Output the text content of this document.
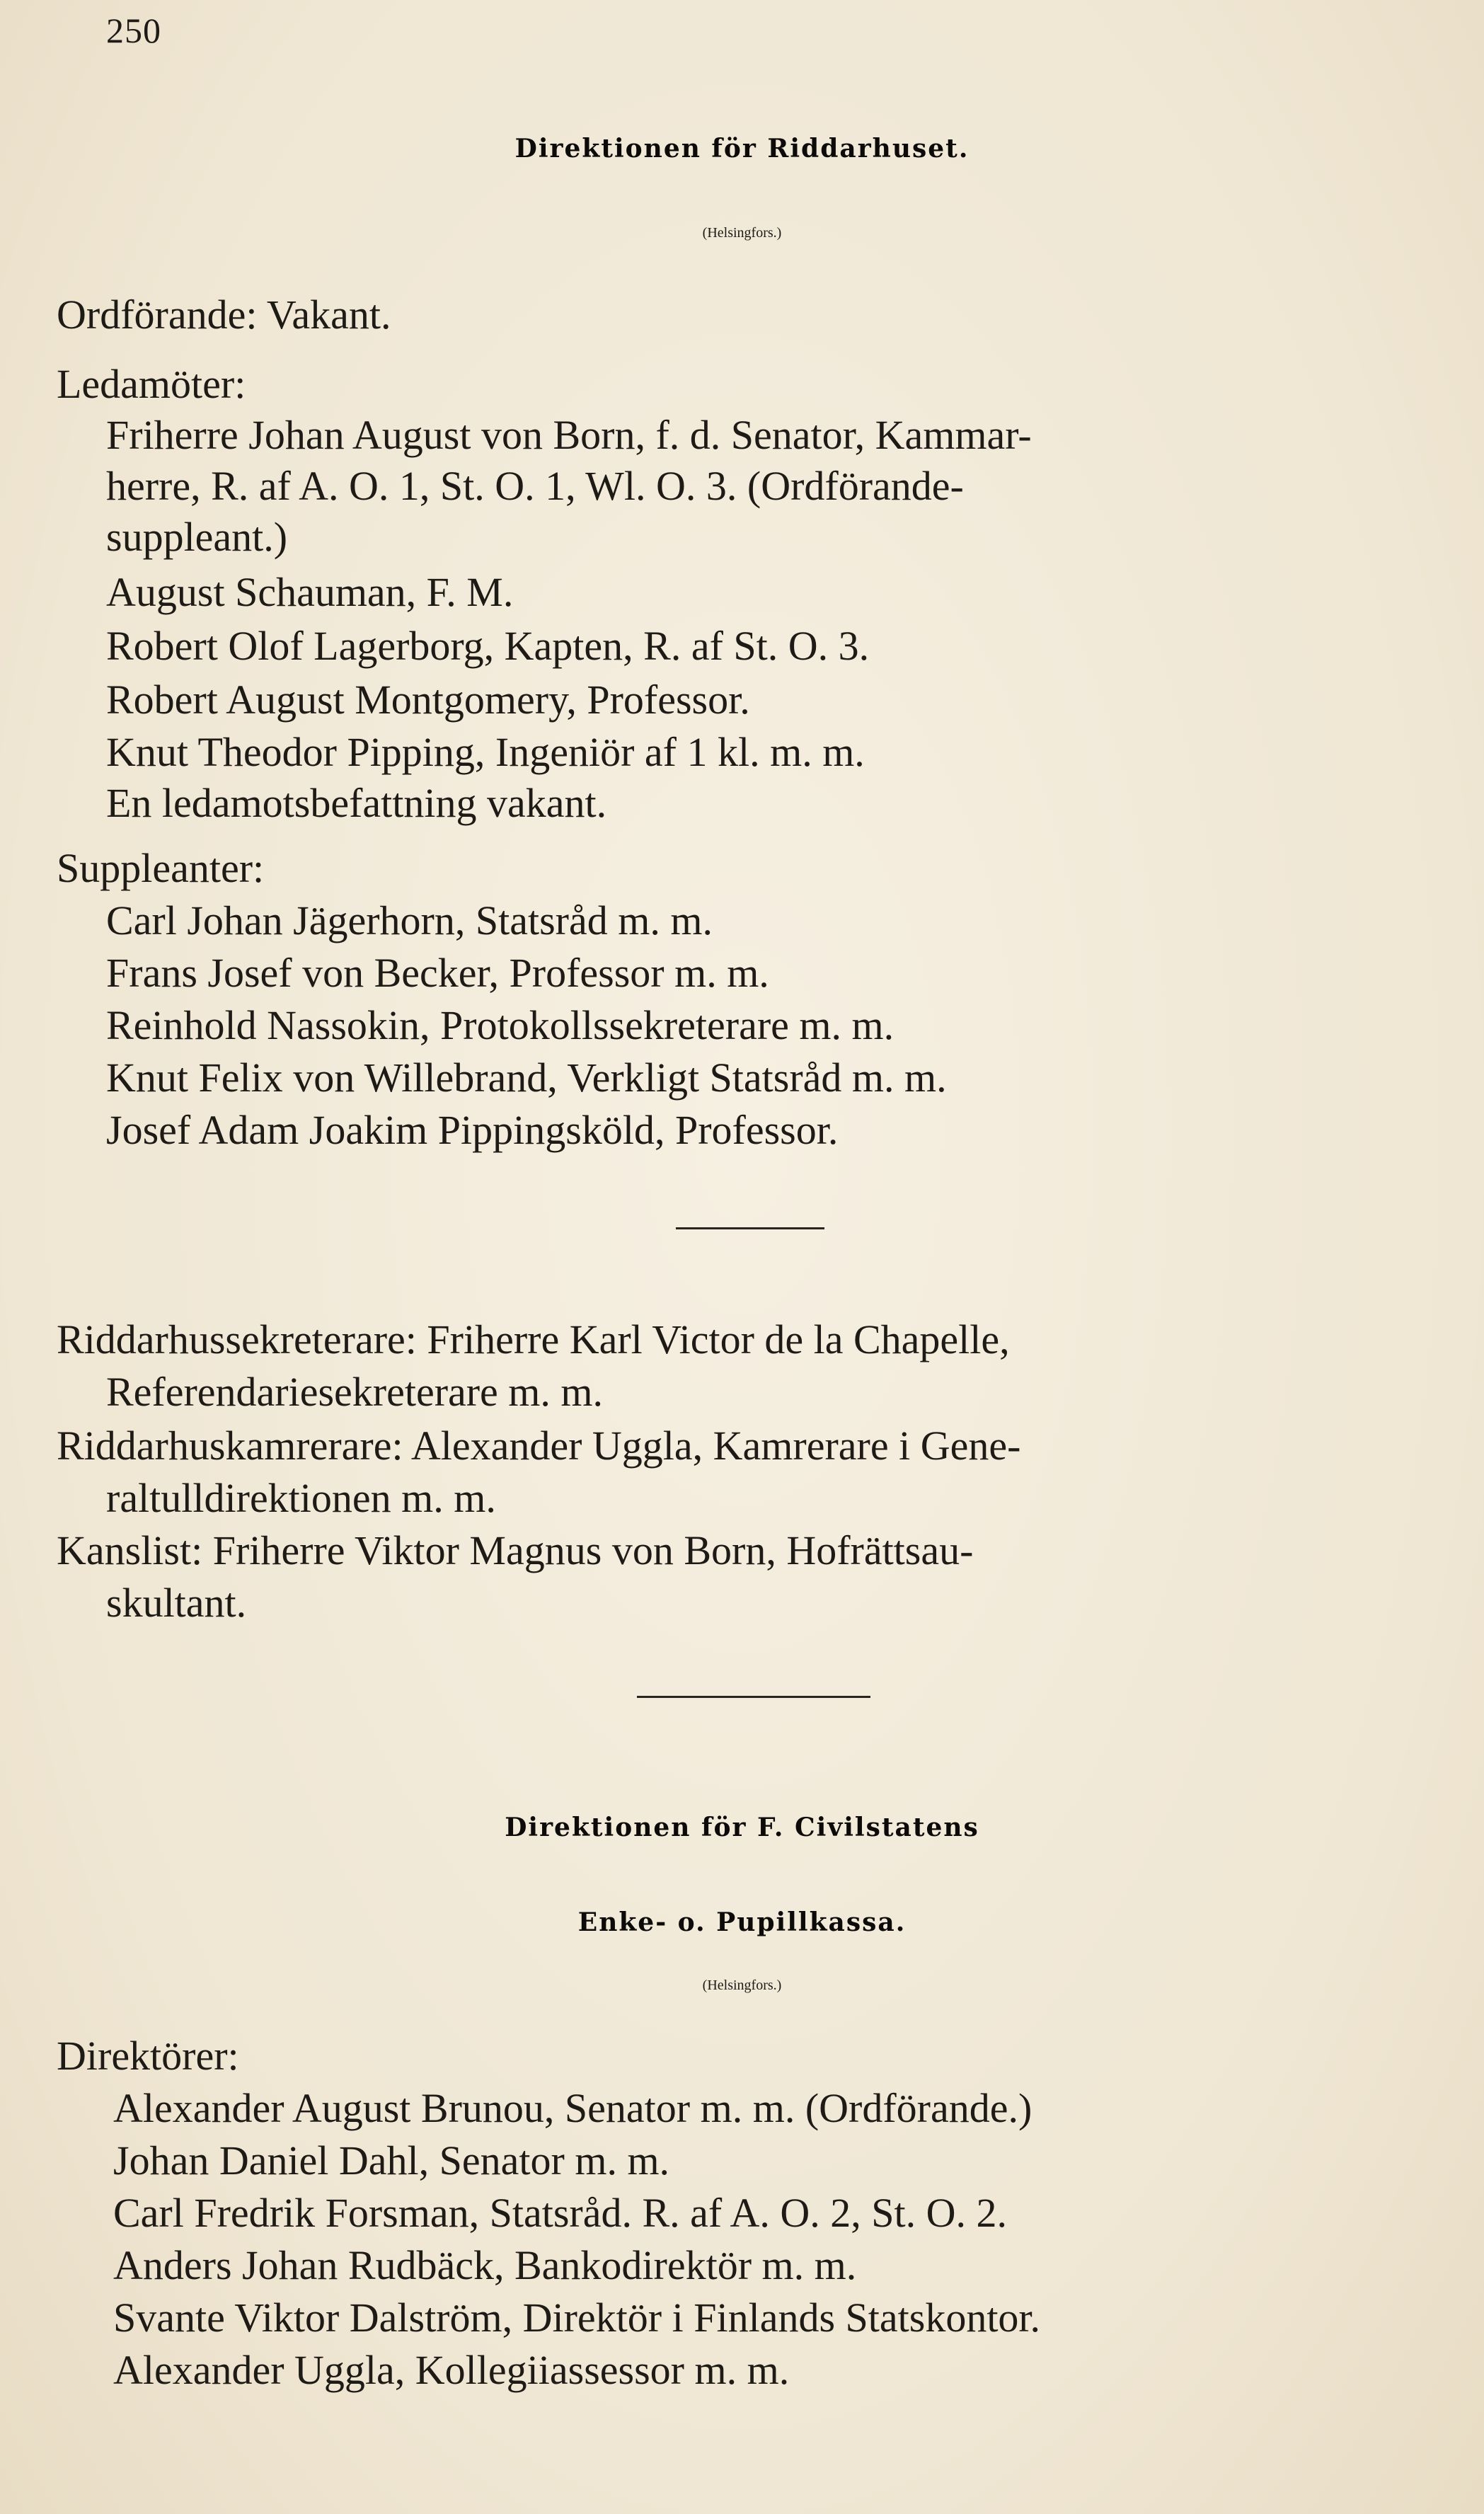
250
Direktionen för Riddarhuset.
(Helsingfors.)
Ordförande: Vakant.
Ledamöter:
Friherre Johan August von Born, f. d. Senator, Kammar-
herre, R. af A. O. 1, St. O. 1, Wl. O. 3. (Ordförande-
suppleant.)
August Schauman, F. M.
Robert Olof Lagerborg, Kapten, R. af St. O. 3.
Robert August Montgomery, Professor.
Knut Theodor Pipping, Ingeniör af 1 kl. m. m.
En ledamotsbefattning vakant.
Suppleanter:
Carl Johan Jägerhorn, Statsråd m. m.
Frans Josef von Becker, Professor m. m.
Reinhold Nassokin, Protokollssekreterare m. m.
Knut Felix von Willebrand, Verkligt Statsråd m. m.
Josef Adam Joakim Pippingsköld, Professor.
Riddarhussekreterare: Friherre Karl Victor de la Chapelle,
Referendariesekreterare m. m.
Riddarhuskamrerare: Alexander Uggla, Kamrerare i Gene-
raltulldirektionen m. m.
Kanslist: Friherre Viktor Magnus von Born, Hofrättsau-
skultant.
Direktionen för F. Civilstatens
Enke- o. Pupillkassa.
(Helsingfors.)
Direktörer:
Alexander August Brunou, Senator m. m. (Ordförande.)
Johan Daniel Dahl, Senator m. m.
Carl Fredrik Forsman, Statsråd. R. af A. O. 2, St. O. 2.
Anders Johan Rudbäck, Bankodirektör m. m.
Svante Viktor Dalström, Direktör i Finlands Statskontor.
Alexander Uggla, Kollegiiassessor m. m.
